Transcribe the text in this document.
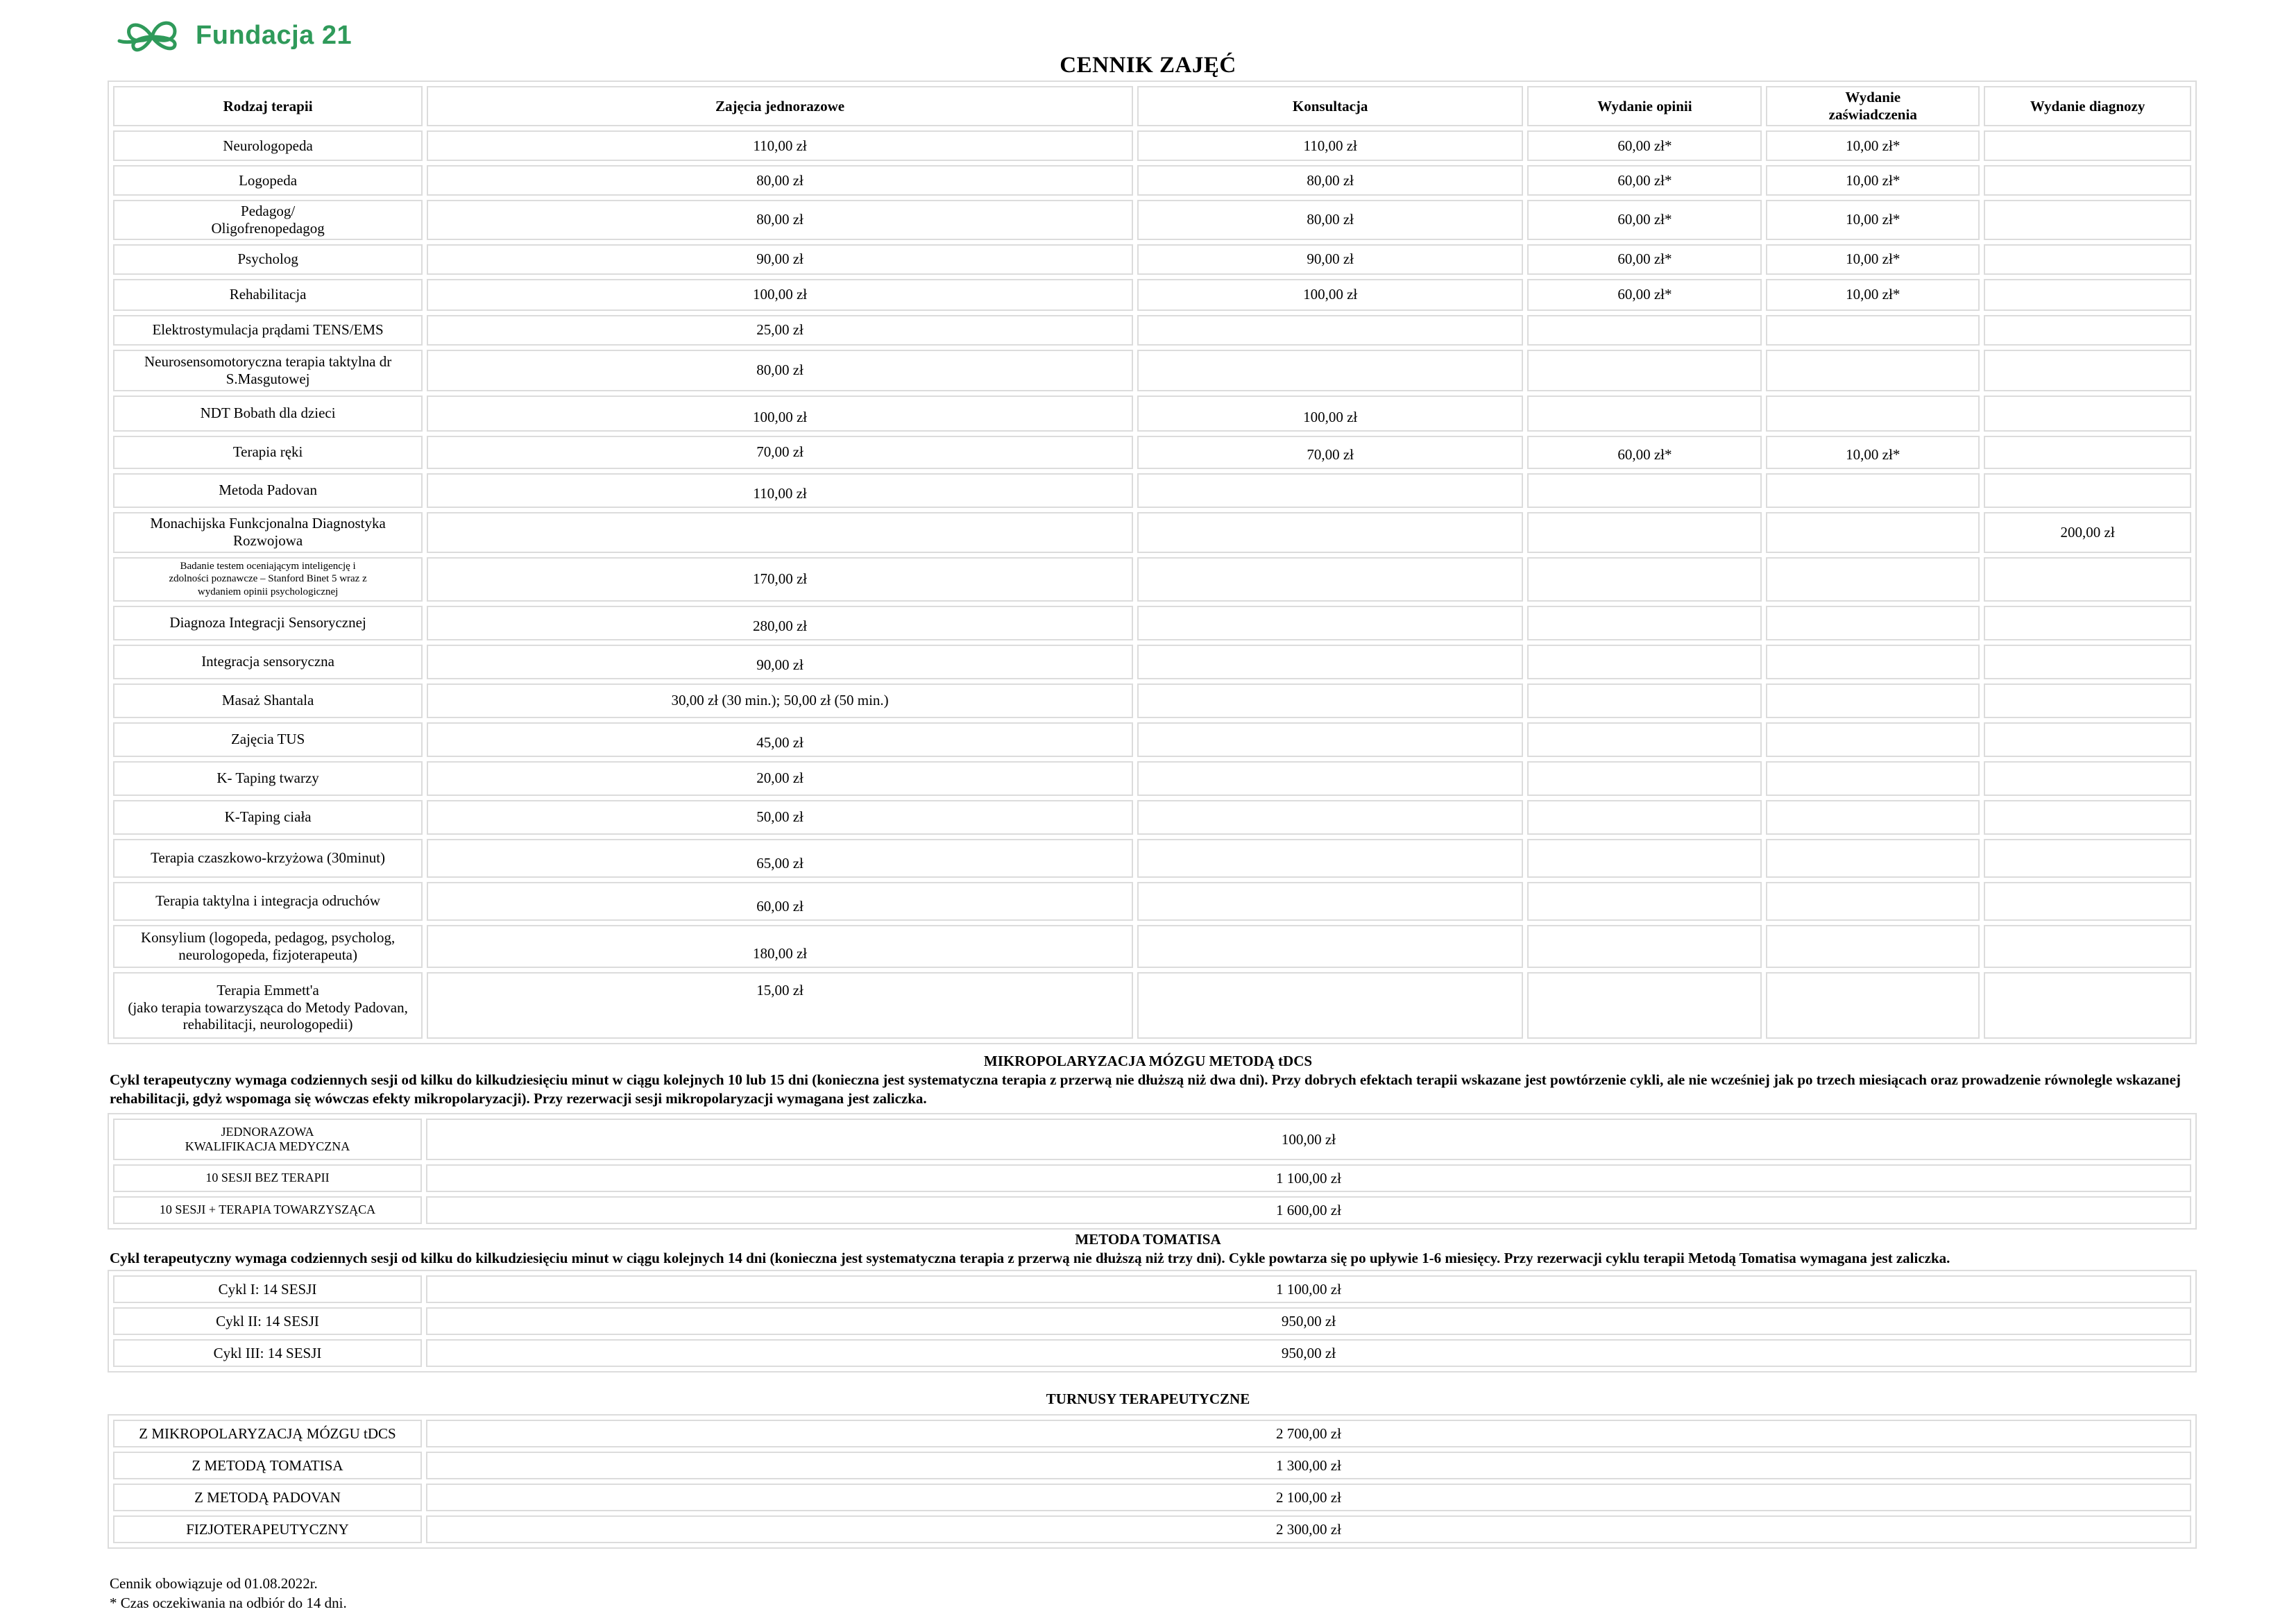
Fundacja 21
CENNIK ZAJĘĆ
Rodzaj terapii	Zajęcia jednorazowe	Konsultacja	Wydanie opinii	Wydanie
zaświadczenia	Wydanie diagnozy
Neurologopeda	110,00 zł	110,00 zł	60,00 zł*	10,00 zł*	
Logopeda	80,00 zł	80,00 zł	60,00 zł*	10,00 zł*	
Pedagog/
Oligofrenopedagog	80,00 zł	80,00 zł	60,00 zł*	10,00 zł*	
Psycholog	90,00 zł	90,00 zł	60,00 zł*	10,00 zł*	
Rehabilitacja	100,00 zł	100,00 zł	60,00 zł*	10,00 zł*	
Elektrostymulacja prądami TENS/EMS	25,00 zł				
Neurosensomotoryczna terapia taktylna dr
S.Masgutowej	80,00 zł				
NDT Bobath dla dzieci	100,00 zł	100,00 zł			
Terapia ręki	70,00 zł	70,00 zł	60,00 zł*	10,00 zł*	
Metoda Padovan	110,00 zł				
Monachijska Funkcjonalna Diagnostyka
Rozwojowa					200,00 zł
Badanie testem oceniającym inteligencję i
zdolności poznawcze – Stanford Binet 5 wraz z
wydaniem opinii psychologicznej	170,00 zł				
Diagnoza Integracji Sensorycznej	280,00 zł				
Integracja sensoryczna	90,00 zł				
Masaż Shantala	30,00 zł (30 min.); 50,00 zł (50 min.)				
Zajęcia TUS	45,00 zł				
K- Taping twarzy	20,00 zł				
K-Taping ciała	50,00 zł				
Terapia czaszkowo-krzyżowa (30minut)	65,00 zł				
Terapia taktylna i integracja odruchów	60,00 zł				
Konsylium (logopeda, pedagog, psycholog,
neurologopeda, fizjoterapeuta)	180,00 zł				
Terapia Emmett'a
(jako terapia towarzysząca do Metody Padovan,
rehabilitacji, neurologopedii)	15,00 zł				
MIKROPOLARYZACJA MÓZGU METODĄ tDCS
Cykl terapeutyczny wymaga codziennych sesji od kilku do kilkudziesięciu minut w ciągu kolejnych 10 lub 15 dni (konieczna jest systematyczna terapia z przerwą nie dłuższą niż dwa dni). Przy dobrych efektach terapii wskazane jest powtórzenie cykli, ale nie wcześniej jak po trzech miesiącach oraz prowadzenie równolegle wskazanej rehabilitacji, gdyż wspomaga się wówczas efekty mikropolaryzacji). Przy rezerwacji sesji mikropolaryzacji wymagana jest zaliczka.
JEDNORAZOWA
KWALIFIKACJA MEDYCZNA	100,00 zł
10 SESJI BEZ TERAPII	1 100,00 zł
10 SESJI + TERAPIA TOWARZYSZĄCA	1 600,00 zł
METODA TOMATISA
Cykl terapeutyczny wymaga codziennych sesji od kilku do kilkudziesięciu minut w ciągu kolejnych 14 dni (konieczna jest systematyczna terapia z przerwą nie dłuższą niż trzy dni). Cykle powtarza się po upływie 1-6 miesięcy. Przy rezerwacji cyklu terapii Metodą Tomatisa wymagana jest zaliczka.
Cykl I: 14 SESJI	1 100,00 zł
Cykl II: 14 SESJI	950,00 zł
Cykl III: 14 SESJI	950,00 zł
TURNUSY TERAPEUTYCZNE
Z MIKROPOLARYZACJĄ MÓZGU tDCS	2 700,00 zł
Z METODĄ TOMATISA	1 300,00 zł
Z METODĄ PADOVAN	2 100,00 zł
FIZJOTERAPEUTYCZNY	2 300,00 zł
Cennik obowiązuje od 01.08.2022r.
* Czas oczekiwania na odbiór do 14 dni.
